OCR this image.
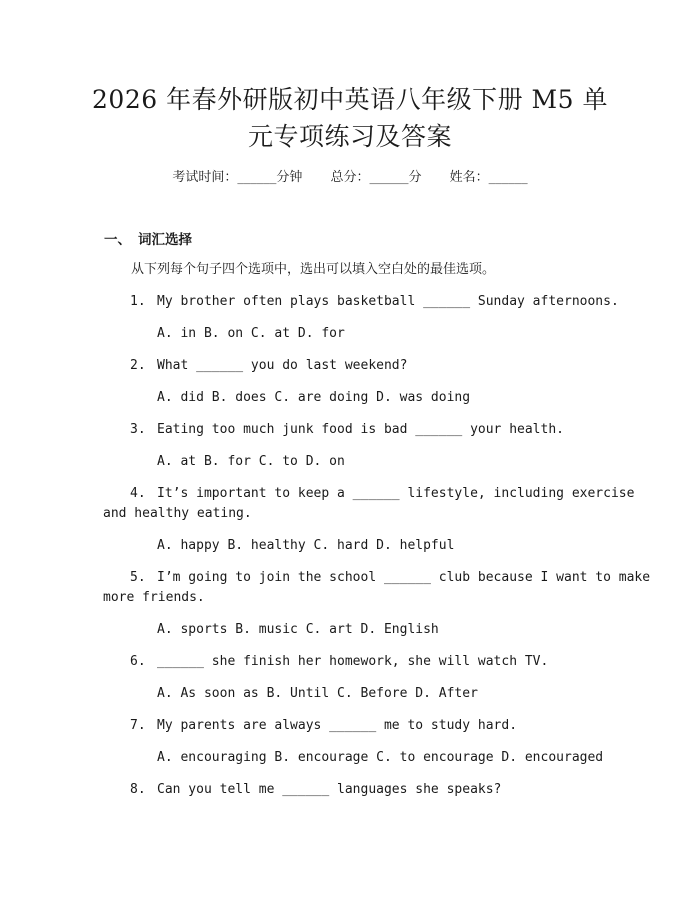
2026 年春外研版初中英语八年级下册 M5 单
元专项练习及答案
考试时间：______分钟 总分：______分 姓名：______
一、 词汇选择
从下列每个句子四个选项中，选出可以填入空白处的最佳选项。
1. My brother often plays basketball ______ Sunday afternoons.
A. in B. on C. at D. for
2. What ______ you do last weekend?
A. did B. does C. are doing D. was doing
3. Eating too much junk food is bad ______ your health.
A. at B. for C. to D. on
4. It’s important to keep a ______ lifestyle, including exercise
and healthy eating.
A. happy B. healthy C. hard D. helpful
5. I’m going to join the school ______ club because I want to make
more friends.
A. sports B. music C. art D. English
6. ______ she finish her homework, she will watch TV.
A. As soon as B. Until C. Before D. After
7. My parents are always ______ me to study hard.
A. encouraging B. encourage C. to encourage D. encouraged
8. Can you tell me ______ languages she speaks?
